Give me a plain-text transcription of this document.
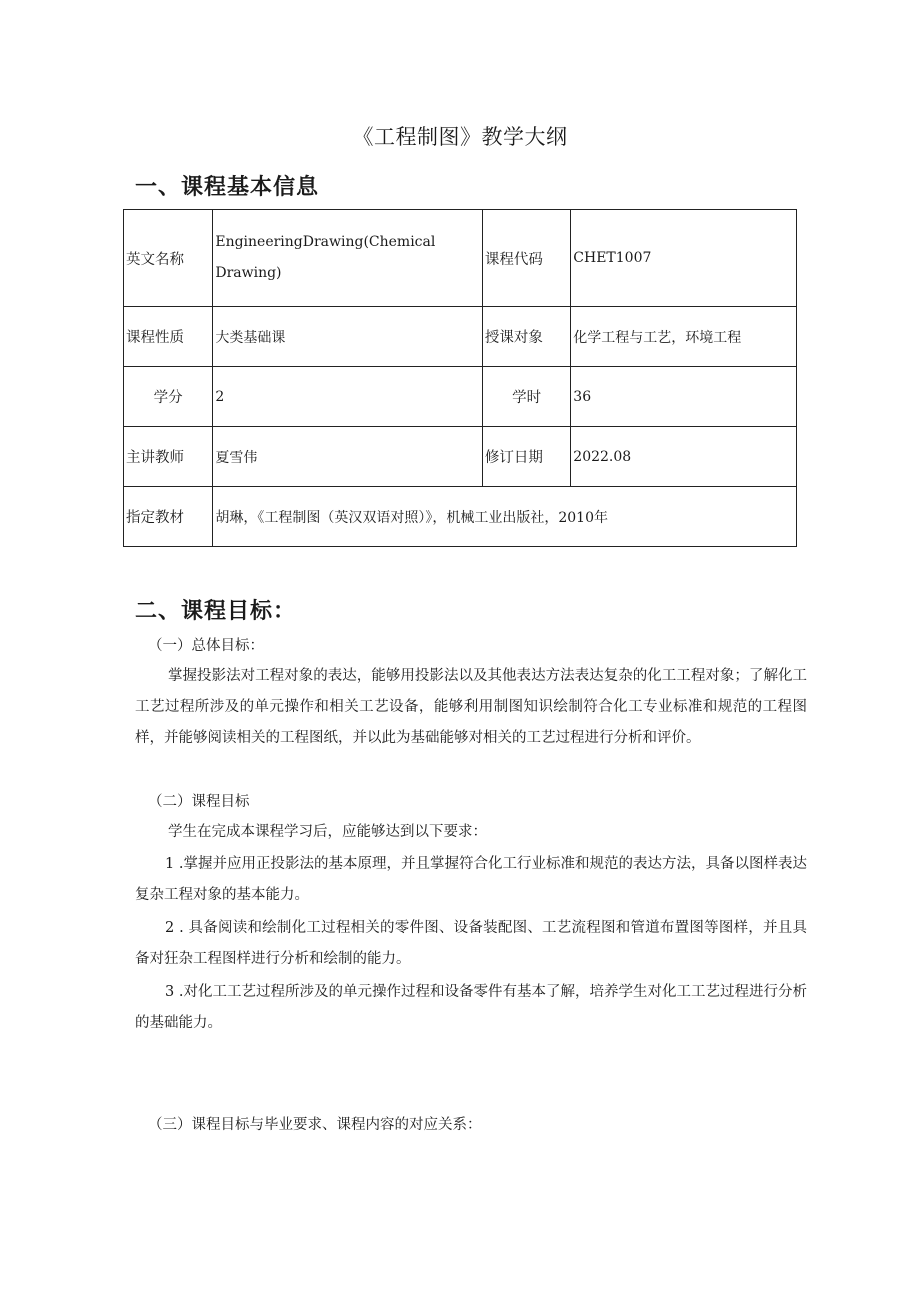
《工程制图》教学大纲
一、课程基本信息
英文名称	EngineeringDrawing(Chemical
Drawing)	课程代码	CHET1007
课程性质	大类基础课	授课对象	化学工程与工艺，环境工程
学分	2	学时	36
主讲教师	夏雪伟	修订日期	2022.08
指定教材	胡琳，《工程制图（英汉双语对照）》，机械工业出版社，2010年		
二、课程目标：
（一）总体目标：
掌握投影法对工程对象的表达，能够用投影法以及其他表达方法表达复杂的化工工程对象；了解化工工艺过程所涉及的单元操作和相关工艺设备，能够利用制图知识绘制符合化工专业标准和规范的工程图样，并能够阅读相关的工程图纸，并以此为基础能够对相关的工艺过程进行分析和评价。
（二）课程目标
学生在完成本课程学习后，应能够达到以下要求：
1 .掌握并应用正投影法的基本原理，并且掌握符合化工行业标准和规范的表达方法，具备以图样表达复杂工程对象的基本能力。
2 . 具备阅读和绘制化工过程相关的零件图、设备装配图、工艺流程图和管道布置图等图样，并且具备对狂杂工程图样进行分析和绘制的能力。
3 .对化工工艺过程所涉及的单元操作过程和设备零件有基本了解，培养学生对化工工艺过程进行分析的基础能力。
（三）课程目标与毕业要求、课程内容的对应关系：
